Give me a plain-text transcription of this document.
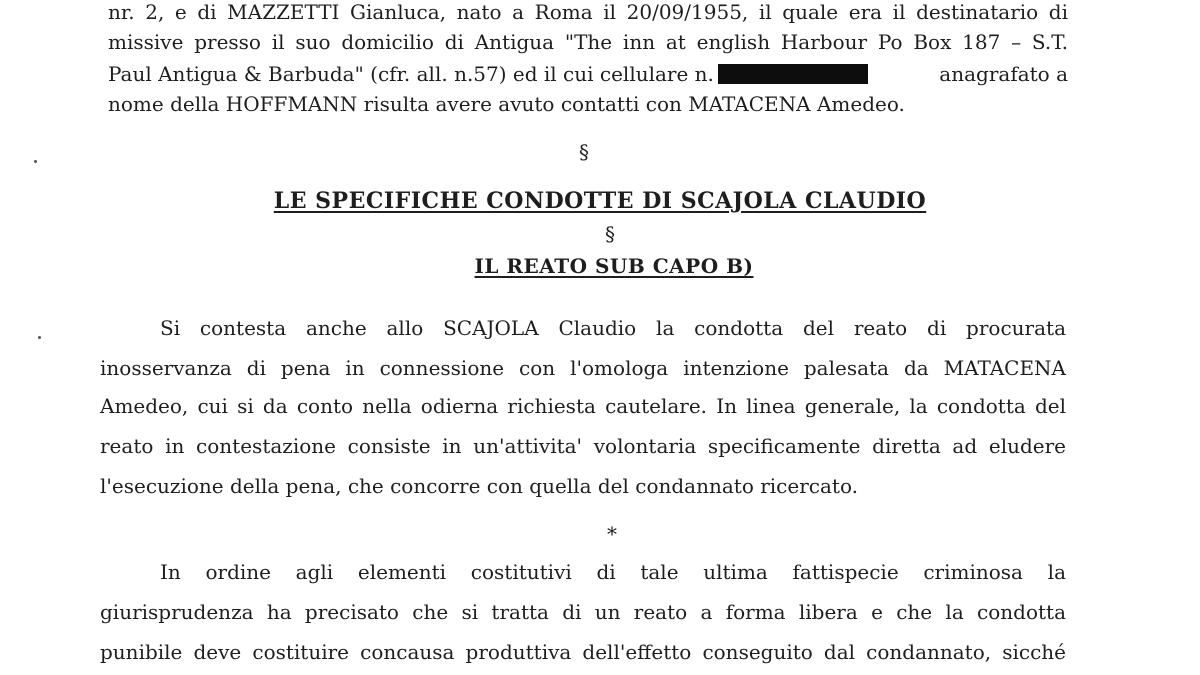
nr. 2, e di MAZZETTI Gianluca, nato a Roma il 20/09/1955, il quale era il destinatario di
missive presso il suo domicilio di Antigua "The inn at english Harbour Po Box 187 – S.T.
Paul Antigua & Barbuda" (cfr. all. n.57) ed il cui cellulare n.	anagrafato a
nome della HOFFMANN risulta avere avuto contatti con MATACENA Amedeo.
§
LE SPECIFICHE CONDOTTE DI SCAJOLA CLAUDIO
§
IL REATO SUB CAPO B)
Si contesta anche allo SCAJOLA Claudio la condotta del reato di procurata
inosservanza di pena in connessione con l'omologa intenzione palesata da MATACENA
Amedeo, cui si da conto nella odierna richiesta cautelare. In linea generale, la condotta del
reato in contestazione consiste in un'attivita' volontaria specificamente diretta ad eludere
l'esecuzione della pena, che concorre con quella del condannato ricercato.
*
In ordine agli elementi costitutivi di tale ultima fattispecie criminosa la
giurisprudenza ha precisato che si tratta di un reato a forma libera e che la condotta
punibile deve costituire concausa produttiva dell'effetto conseguito dal condannato, sicché
